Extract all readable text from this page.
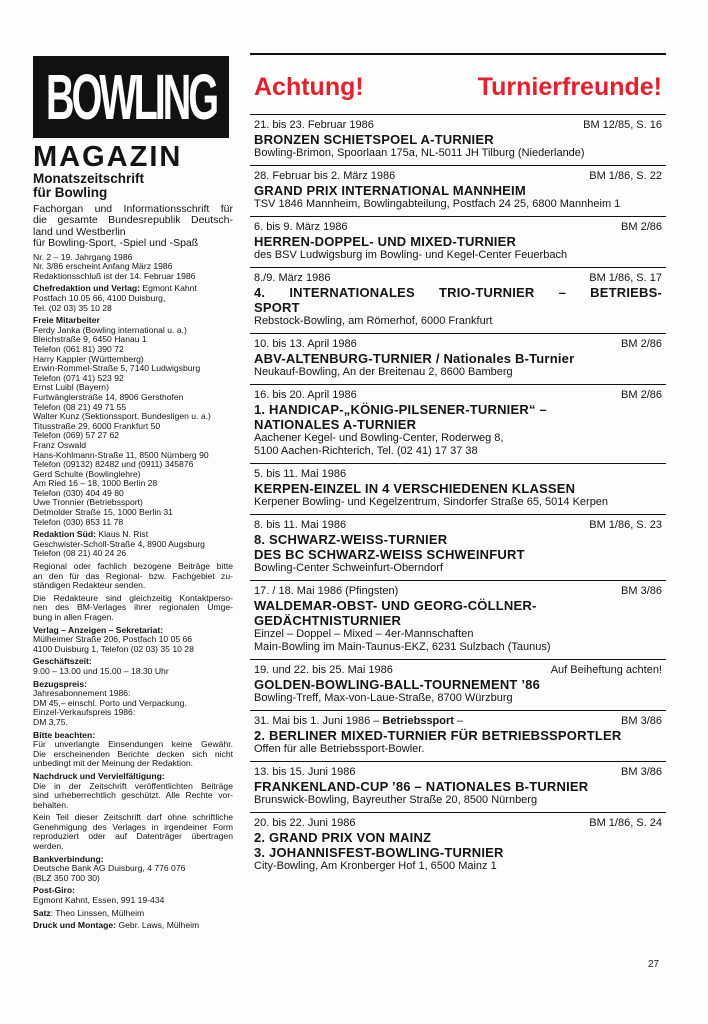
BOWLING
MAGAZIN
Monatszeitschrift
für Bowling
Fachorgan und Informationsschrift für
die gesamte Bundesrepublik Deutsch-
land und Westberlin
für Bowling-Sport, -Spiel und -Spaß
Nr. 2 – 19. Jahrgang 1986
Nr. 3/86 erscheint Anfang März 1986
Redaktionsschluß ist der 14. Februar 1986
Chefredaktion und Verlag: Egmont Kahnt
Postfach 10 05 66, 4100 Duisburg,
Tel. (02 03) 35 10 28
Freie Mitarbeiter
Ferdy Janka (Bowling international u. a.)
Bleichstraße 9, 6450 Hanau 1
Telefon (061 81) 390 72
Harry Kappler (Württemberg)
Erwin-Rommel-Straße 5, 7140 Ludwigsburg
Telefon (071 41) 523 92
Ernst Luibl (Bayern)
Furtwänglerstraße 14, 8906 Gersthofen
Telefon (08 21) 49 71 55
Walter Kunz (Sektionssport, Bundesligen u. a.)
Titusstraße 29, 6000 Frankfurt 50
Telefon (069) 57 27 62
Franz Oswald
Hans-Kohlmann-Straße 11, 8500 Nürnberg 90
Telefon (09132) 82482 und (0911) 345876
Gerd Schulte (Bowlinglehre)
Am Ried 16 – 18, 1000 Berlin 28
Telefon (030) 404 49 80
Uwe Tronnier (Betriebssport)
Detmolder Straße 15, 1000 Berlin 31
Telefon (030) 853 11 78
Redaktion Süd: Klaus N. Rist
Geschwister-Scholl-Straße 4, 8900 Augsburg
Telefon (08 21) 40 24 26
Regional oder fachlich bezogene Beiträge bitte
an den für das Regional- bzw. Fachgebiet zu-
ständigen Redakteur senden.
Die Redakteure sind gleichzeitig Kontaktperso-
nen des BM-Verlages ihrer regionalen Umge-
bung in allen Fragen.
Verlag – Anzeigen – Sekretariat:
Mülheimer Straße 206, Postfach 10 05 66
4100 Duisburg 1, Telefon (02 03) 35 10 28
Geschäftszeit:
9.00 – 13.00 und 15.00 – 18.30 Uhr
Bezugspreis:
Jahresabonnement 1986:
DM 45,– einschl. Porto und Verpackung.
Einzel-Verkaufspreis 1986:
DM 3,75.
Bitte beachten:
Für unverlangte Einsendungen keine Gewähr.
Die erscheinenden Berichte decken sich nicht
unbedingt mit der Meinung der Redaktion.
Nachdruck und Vervielfältigung:
Die in der Zeitschrift veröffentlichten Beiträge
sind urheberrechtlich geschützt. Alle Rechte vor-
behalten.
Kein Teil dieser Zeitschrift darf ohne schriftliche
Genehmigung des Verlages in irgendeiner Form
reproduziert oder auf Datenträger übertragen
werden.
Bankverbindung:
Deutsche Bank AG Duisburg, 4 776 076
(BLZ 350 700 30)
Post-Giro:
Egmont Kahnt, Essen, 991 19-434
Satz: Theo Linssen, Mülheim
Druck und Montage: Gebr. Laws, Mülheim
Achtung!	Turnierfreunde!
21. bis 23. Februar 1986	BM 12/85, S. 16
BRONZEN SCHIETSPOEL A-TURNIER
Bowling-Brimon, Spoorlaan 175a, NL-5011 JH Tilburg (Niederlande)
28. Februar bis 2. März 1986	BM 1/86, S. 22
GRAND PRIX INTERNATIONAL MANNHEIM
TSV 1846 Mannheim, Bowlingabteilung, Postfach 24 25, 6800 Mannheim 1
6. bis 9. März 1986	BM 2/86
HERREN-DOPPEL- UND MIXED-TURNIER
des BSV Ludwigsburg im Bowling- und Kegel-Center Feuerbach
8./9. März 1986	BM 1/86, S. 17
4. INTERNATIONALES TRIO-TURNIER – BETRIEBS-
SPORT
Rebstock-Bowling, am Römerhof, 6000 Frankfurt
10. bis 13. April 1986	BM 2/86
ABV-ALTENBURG-TURNIER / Nationales B-Turnier
Neukauf-Bowling, An der Breitenau 2, 8600 Bamberg
16. bis 20. April 1986	BM 2/86
1. HANDICAP-„KÖNIG-PILSENER-TURNIER“ –
NATIONALES A-TURNIER
Aachener Kegel- und Bowling-Center, Roderweg 8,
5100 Aachen-Richterich, Tel. (02 41) 17 37 38
5. bis 11. Mai 1986
KERPEN-EINZEL IN 4 VERSCHIEDENEN KLASSEN
Kerpener Bowling- und Kegelzentrum, Sindorfer Straße 65, 5014 Kerpen
8. bis 11. Mai 1986	BM 1/86, S. 23
8. SCHWARZ-WEISS-TURNIER
DES BC SCHWARZ-WEISS SCHWEINFURT
Bowling-Center Schweinfurt-Oberndorf
17. / 18. Mai 1986 (Pfingsten)	BM 3/86
WALDEMAR-OBST- UND GEORG-CÖLLNER-
GEDÄCHTNISTURNIER
Einzel – Doppel – Mixed – 4er-Mannschaften
Main-Bowling im Main-Taunus-EKZ, 6231 Sulzbach (Taunus)
19. und 22. bis 25. Mai 1986	Auf Beiheftung achten!
GOLDEN-BOWLING-BALL-TOURNEMENT ’86
Bowling-Treff, Max-von-Laue-Straße, 8700 Würzburg
31. Mai bis 1. Juni 1986 – Betriebssport –	BM 3/86
2. BERLINER MIXED-TURNIER FÜR BETRIEBSSPORTLER
Offen für alle Betriebssport-Bowler.
13. bis 15. Juni 1986	BM 3/86
FRANKENLAND-CUP ’86 – NATIONALES B-TURNIER
Brunswick-Bowling, Bayreuther Straße 20, 8500 Nürnberg
20. bis 22. Juni 1986	BM 1/86, S. 24
2. GRAND PRIX VON MAINZ
3. JOHANNISFEST-BOWLING-TURNIER
City-Bowling, Am Kronberger Hof 1, 6500 Mainz 1
27
